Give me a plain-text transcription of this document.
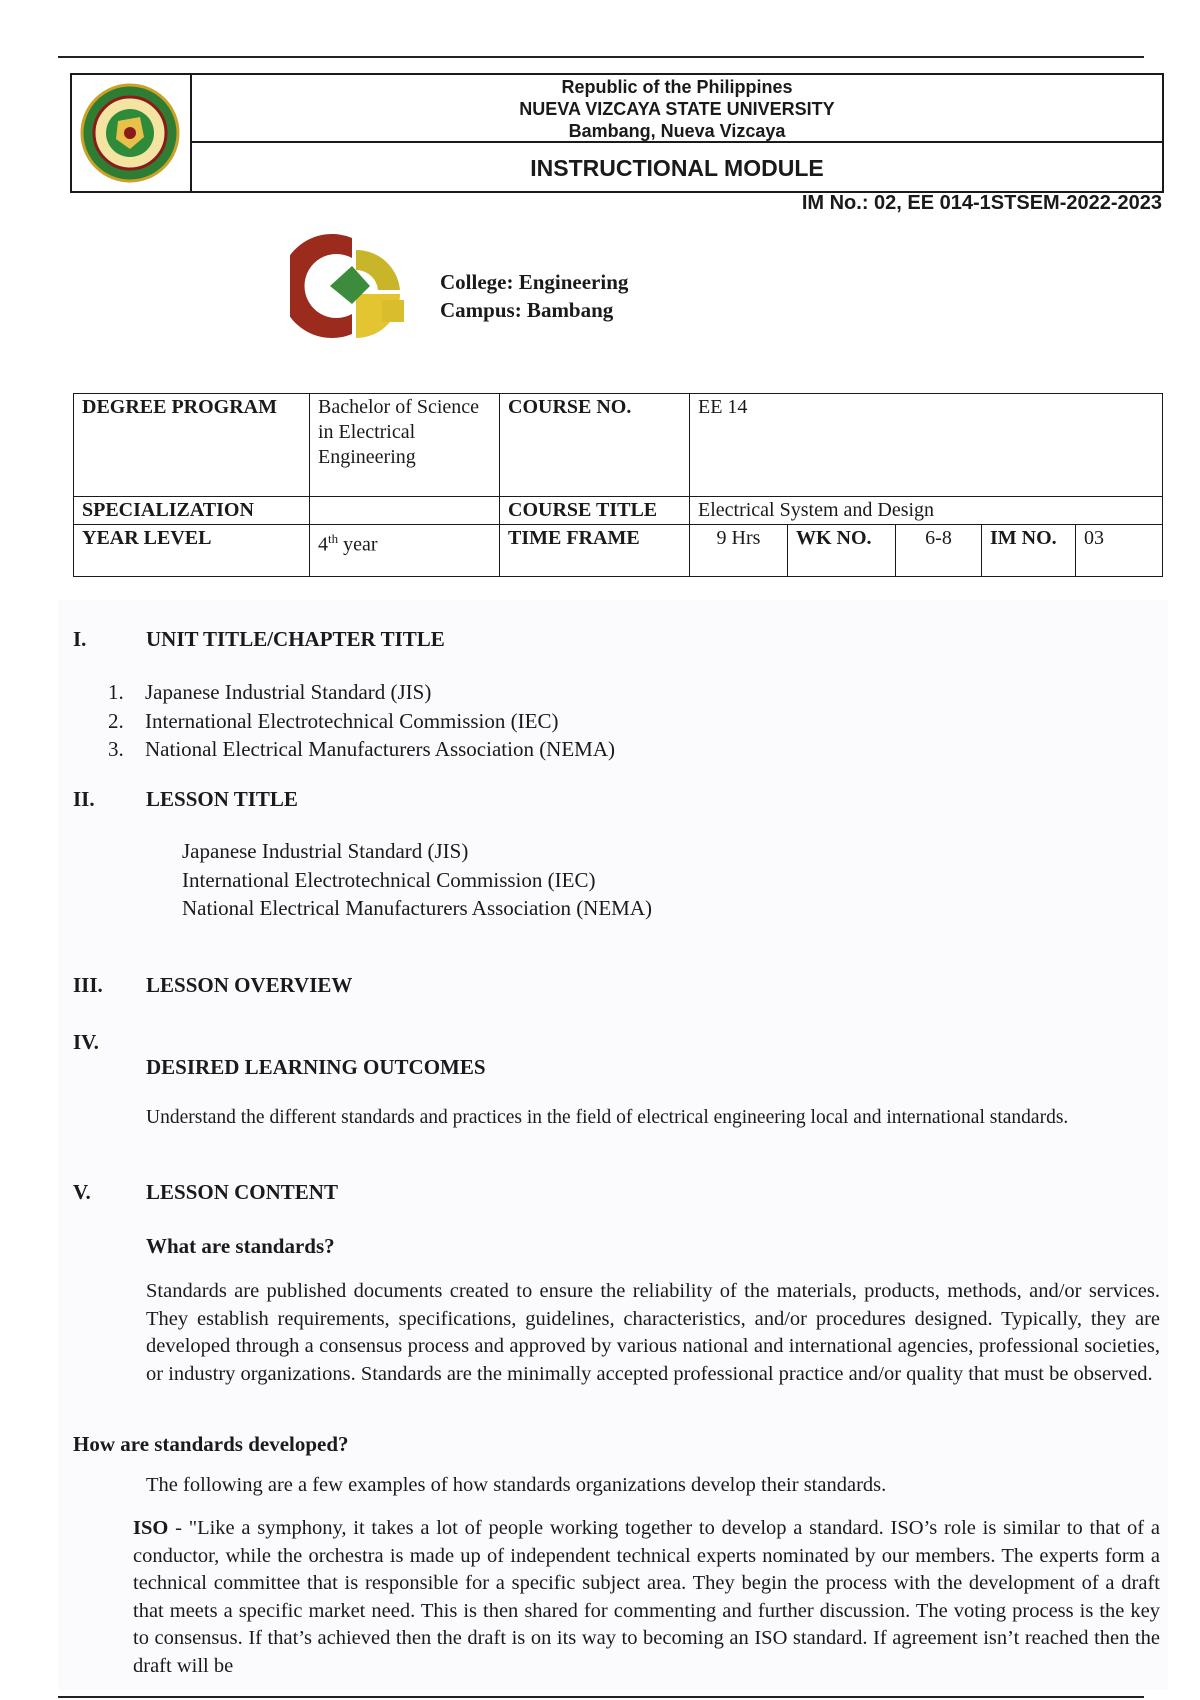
Republic of the Philippines
NUEVA VIZCAYA STATE UNIVERSITY
Bambang, Nueva Vizcaya
INSTRUCTIONAL MODULE
IM No.: 02, EE 014-1STSEM-2022-2023
College: Engineering
Campus: Bambang
DEGREE PROGRAM	Bachelor of Science in Electrical Engineering	COURSE NO.	EE 14				
SPECIALIZATION		COURSE TITLE	Electrical System and Design				
YEAR LEVEL	4th year	TIME FRAME	9 Hrs	WK NO.	6-8	IM NO.	03
I.	UNIT TITLE/CHAPTER TITLE
1. Japanese Industrial Standard (JIS)
2. International Electrotechnical Commission (IEC)
3. National Electrical Manufacturers Association (NEMA)
II. LESSON TITLE
Japanese Industrial Standard (JIS)
International Electrotechnical Commission (IEC)
National Electrical Manufacturers Association (NEMA)
III. LESSON OVERVIEW
IV.
DESIRED LEARNING OUTCOMES
Understand the different standards and practices in the field of electrical engineering local and international standards.
V.	LESSON CONTENT
What are standards?
Standards are published documents created to ensure the reliability of the materials, products, methods, and/or services. They establish requirements, specifications, guidelines, characteristics, and/or procedures designed. Typically, they are developed through a consensus process and approved by various national and international agencies, professional societies, or industry organizations. Standards are the minimally accepted professional practice and/or quality that must be observed.
How are standards developed?
The following are a few examples of how standards organizations develop their standards.
ISO - "Like a symphony, it takes a lot of people working together to develop a standard. ISO’s role is similar to that of a conductor, while the orchestra is made up of independent technical experts nominated by our members. The experts form a technical committee that is responsible for a specific subject area. They begin the process with the development of a draft that meets a specific market need. This is then shared for commenting and further discussion. The voting process is the key to consensus. If that’s achieved then the draft is on its way to becoming an ISO standard. If agreement isn’t reached then the draft will be
